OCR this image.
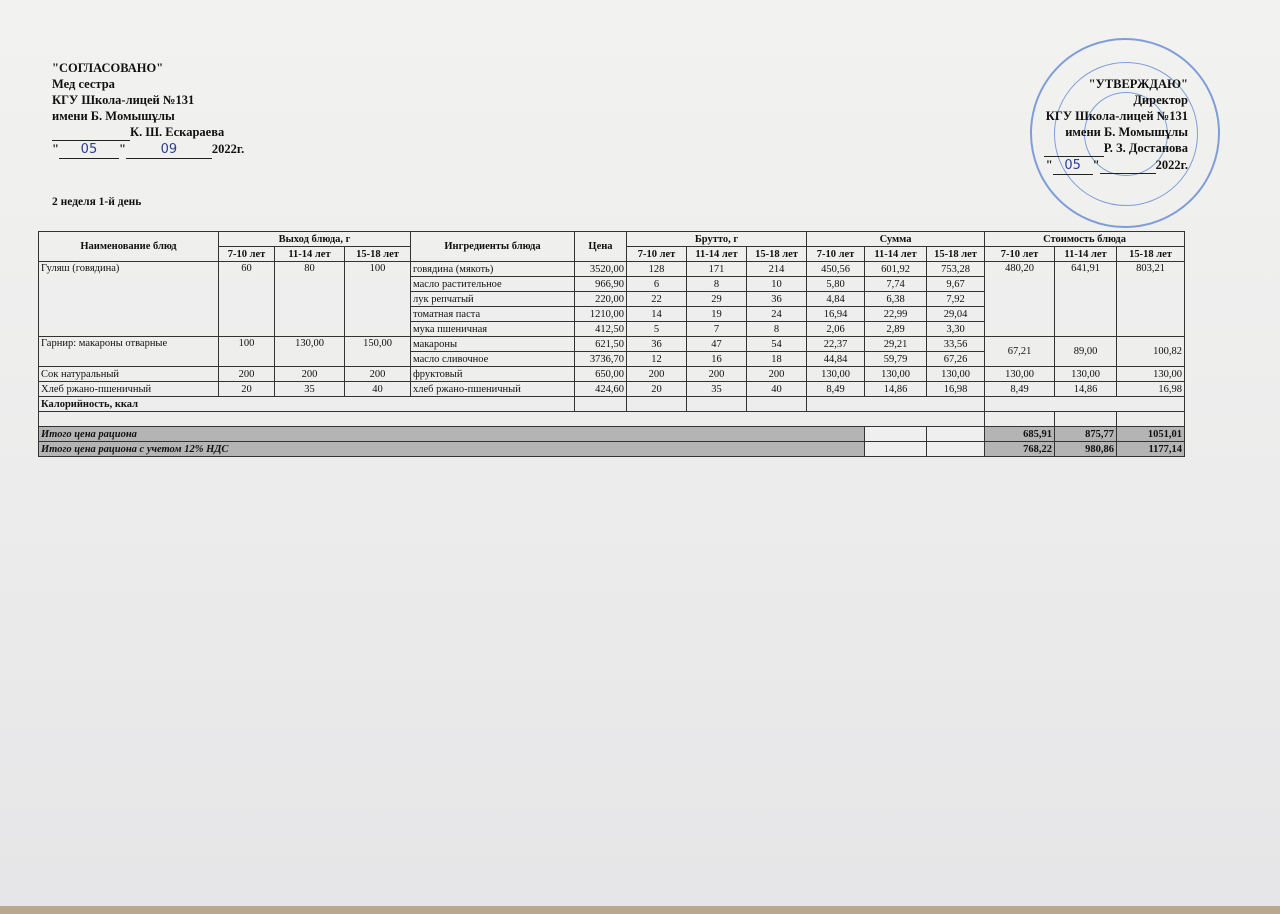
"СОГЛАСОВАНО"
Мед сестра
КГУ Школа-лицей №131
имени Б. Момышұлы
К. Ш. Ескараева
" 05 "	09	2022г.
"УТВЕРЖДАЮ"
Директор
КГУ Школа-лицей №131
имени Б. Момышұлы
Р. З. Достанова
" 05 "	2022г.
2 неделя 1-й день
Наименование блюд	Выход блюда, г			Ингредиенты блюда	Цена	Брутто, г			Сумма			Стоимость блюда		
	7-10 лет	11-14 лет	15-18 лет			7-10 лет	11-14 лет	15-18 лет	7-10 лет	11-14 лет	15-18 лет	7-10 лет	11-14 лет	15-18 лет
Гуляш (говядина)	60	80	100	говядина (мякоть)	3520,00	128	171	214	450,56	601,92	753,28	480,20	641,91	803,21
				масло растительное	966,90	6	8	10	5,80	7,74	9,67			
				лук репчатый	220,00	22	29	36	4,84	6,38	7,92			
				томатная паста	1210,00	14	19	24	16,94	22,99	29,04			
				мука пшеничная	412,50	5	7	8	2,06	2,89	3,30			
Гарнир: макароны отварные	100	130,00	150,00	макароны	621,50	36	47	54	22,37	29,21	33,56	67,21	89,00	100,82
				масло сливочное	3736,70	12	16	18	44,84	59,79	67,26			
Сок натуральный	200	200	200	фруктовый	650,00	200	200	200	130,00	130,00	130,00	130,00	130,00	130,00
Хлеб ржано-пшеничный	20	35	40	хлеб ржано-пшеничный	424,60	20	35	40	8,49	14,86	16,98	8,49	14,86	16,98
Калорийность, ккал														

Итого цена рациона												685,91	875,77	1051,01
Итого цена рациона с учетом 12% НДС												768,22	980,86	1177,14
